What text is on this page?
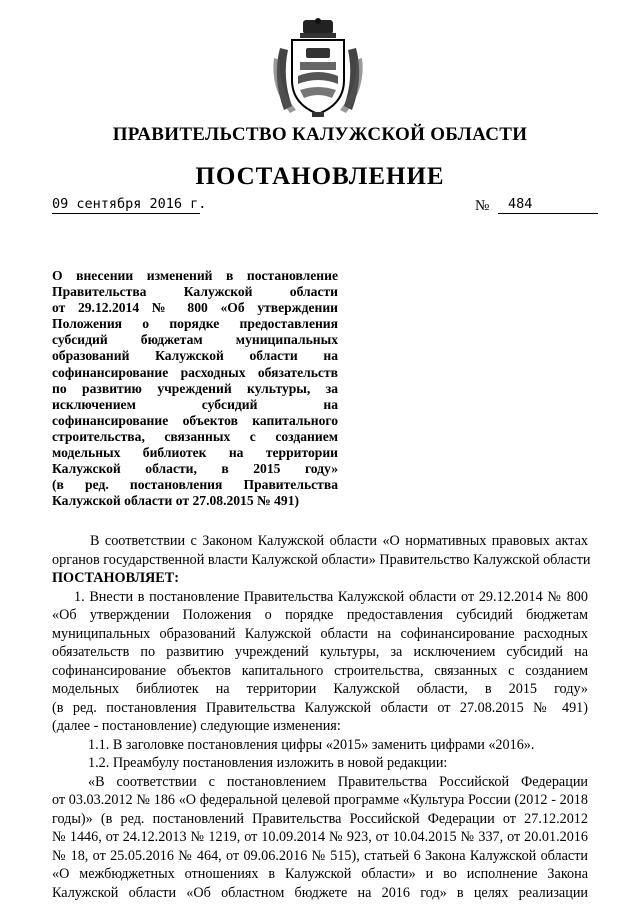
ПРАВИТЕЛЬСТВО КАЛУЖСКОЙ ОБЛАСТИ
ПОСТАНОВЛЕНИЕ
09 сентября 2016 г.	№	484
О внесении изменений в постановление
Правительства Калужской области
от 29.12.2014 № 800 «Об утверждении
Положения о порядке предоставления
субсидий бюджетам муниципальных
образований Калужской области на
софинансирование расходных обязательств
по развитию учреждений культуры, за
исключением субсидий на
софинансирование объектов капитального
строительства, связанных с созданием
модельных библиотек на территории
Калужской области, в 2015 году»
(в ред. постановления Правительства
Калужской области от 27.08.2015 № 491)
В соответствии с Законом Калужской области «О нормативных правовых актах
органов государственной власти Калужской области» Правительство Калужской области
ПОСТАНОВЛЯЕТ:
1. Внести в постановление Правительства Калужской области от 29.12.2014 № 800
«Об утверждении Положения о порядке предоставления субсидий бюджетам
муниципальных образований Калужской области на софинансирование расходных
обязательств по развитию учреждений культуры, за исключением субсидий на
софинансирование объектов капитального строительства, связанных с созданием
модельных библиотек на территории Калужской области, в 2015 году»
(в ред. постановления Правительства Калужской области от 27.08.2015 № 491)
(далее - постановление) следующие изменения:
1.1. В заголовке постановления цифры «2015» заменить цифрами «2016».
1.2. Преамбулу постановления изложить в новой редакции:
«В соответствии с постановлением Правительства Российской Федерации
от 03.03.2012 № 186 «О федеральной целевой программе «Культура России (2012 - 2018
годы)» (в ред. постановлений Правительства Российской Федерации от 27.12.2012
№ 1446, от 24.12.2013 № 1219, от 10.09.2014 № 923, от 10.04.2015 № 337, от 20.01.2016
№ 18, от 25.05.2016 № 464, от 09.06.2016 № 515), статьей 6 Закона Калужской области
«О межбюджетных отношениях в Калужской области» и во исполнение Закона
Калужской области «Об областном бюджете на 2016 год» в целях реализации
